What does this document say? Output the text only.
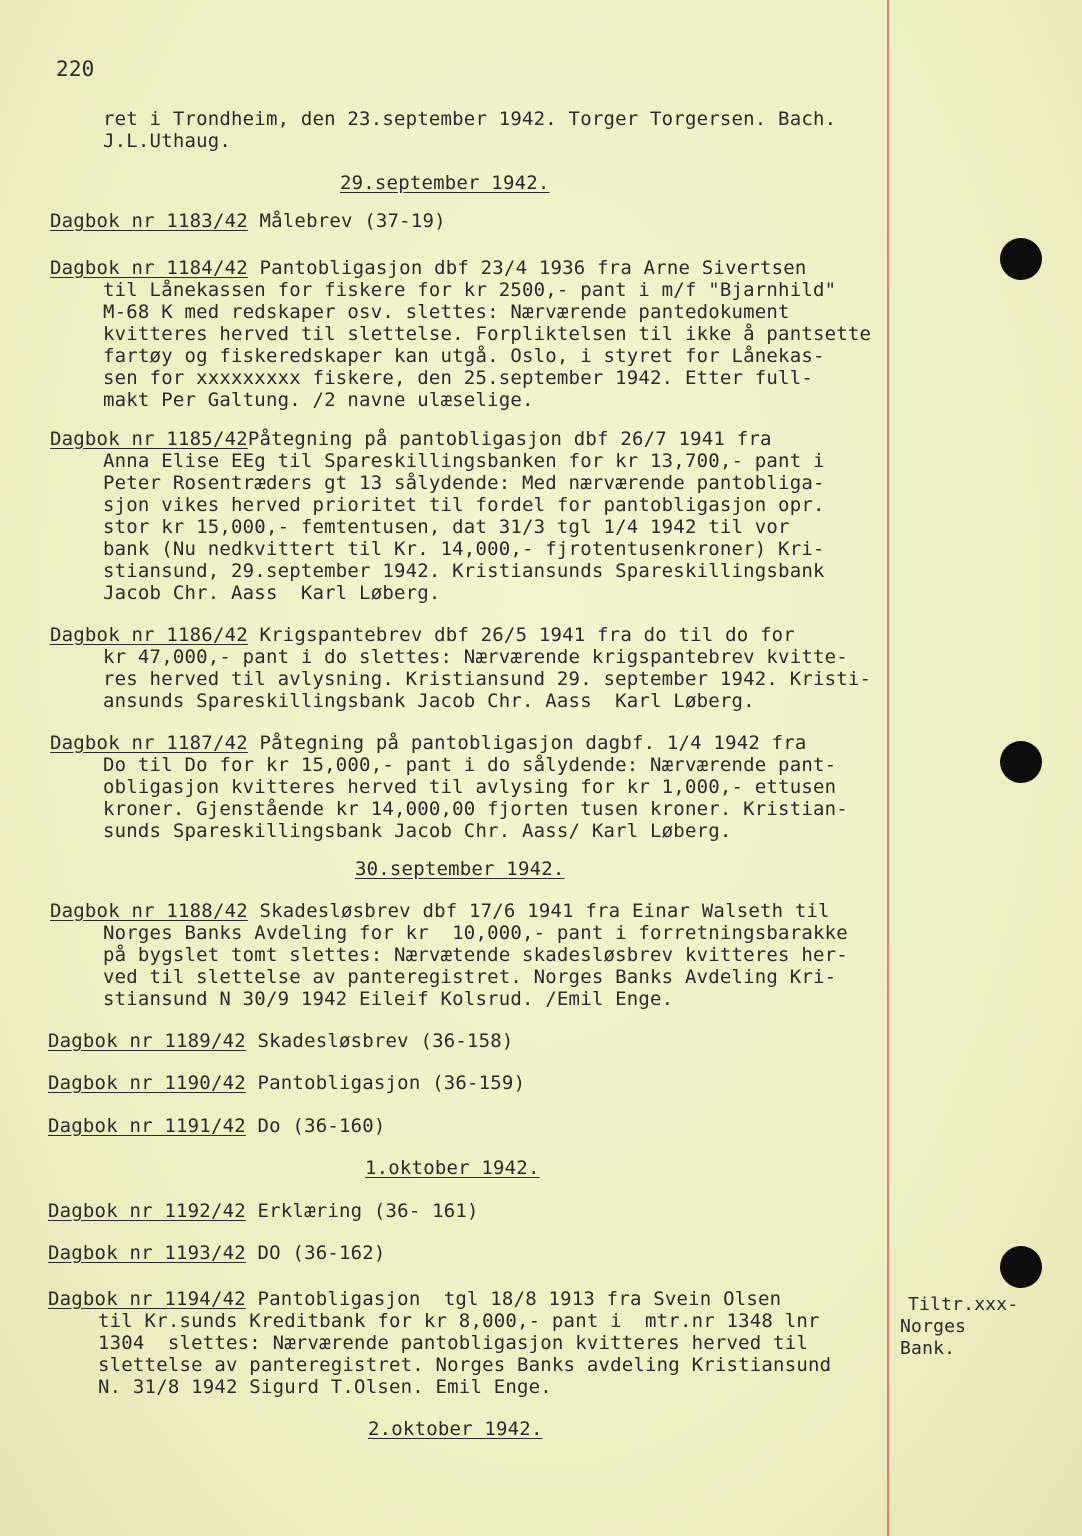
220

ret i Trondheim, den 23.september 1942. Torger Torgersen. Bach.

J.L.Uthaug.

29.september 1942.

Dagbok nr 1183/42 Målebrev (37-19)

Dagbok nr 1184/42 Pantobligasjon dbf 23/4 1936 fra Arne Sivertsen

til Lånekassen for fiskere for kr 2500,- pant i m/f "Bjarnhild"

M-68 K med redskaper osv. slettes: Nærværende pantedokument

kvitteres herved til slettelse. Forpliktelsen til ikke å pantsette

fartøy og fiskeredskaper kan utgå. Oslo, i styret for Lånekas-

sen for xxxxxxxxx fiskere, den 25.september 1942. Etter full-

makt Per Galtung. /2 navne ulæselige.

Dagbok nr 1185/42Påtegning på pantobligasjon dbf 26/7 1941 fra

Anna Elise EEg til Spareskillingsbanken for kr 13,700,- pant i

Peter Rosentræders gt 13 sålydende: Med nærværende pantobliga-

sjon vikes herved prioritet til fordel for pantobligasjon opr.

stor kr 15,000,- femtentusen, dat 31/3 tgl 1/4 1942 til vor

bank (Nu nedkvittert til Kr. 14,000,- fjrotentusenkroner) Kri-

stiansund, 29.september 1942. Kristiansunds Spareskillingsbank

Jacob Chr. Aass  Karl Løberg.

Dagbok nr 1186/42 Krigspantebrev dbf 26/5 1941 fra do til do for

kr 47,000,- pant i do slettes: Nærværende krigspantebrev kvitte-

res herved til avlysning. Kristiansund 29. september 1942. Kristi-

ansunds Spareskillingsbank Jacob Chr. Aass  Karl Løberg.

Dagbok nr 1187/42 Påtegning på pantobligasjon dagbf. 1/4 1942 fra

Do til Do for kr 15,000,- pant i do sålydende: Nærværende pant-

obligasjon kvitteres herved til avlysing for kr 1,000,- ettusen

kroner. Gjenstående kr 14,000,00 fjorten tusen kroner. Kristian-

sunds Spareskillingsbank Jacob Chr. Aass/ Karl Løberg.

30.september 1942.

Dagbok nr 1188/42 Skadesløsbrev dbf 17/6 1941 fra Einar Walseth til

Norges Banks Avdeling for kr  10,000,- pant i forretningsbarakke

på bygslet tomt slettes: Nærvætende skadesløsbrev kvitteres her-

ved til slettelse av panteregistret. Norges Banks Avdeling Kri-

stiansund N 30/9 1942 Eileif Kolsrud. /Emil Enge.

Dagbok nr 1189/42 Skadesløsbrev (36-158)

Dagbok nr 1190/42 Pantobligasjon (36-159)

Dagbok nr 1191/42 Do (36-160)

1.oktober 1942.

Dagbok nr 1192/42 Erklæring (36- 161)

Dagbok nr 1193/42 DO (36-162)

Dagbok nr 1194/42 Pantobligasjon  tgl 18/8 1913 fra Svein Olsen

til Kr.sunds Kreditbank for kr 8,000,- pant i  mtr.nr 1348 lnr

1304  slettes: Nærværende pantobligasjon kvitteres herved til

slettelse av panteregistret. Norges Banks avdeling Kristiansund

N. 31/8 1942 Sigurd T.Olsen. Emil Enge.

2.oktober 1942.

Tiltr.xxx-

Norges

Bank.
